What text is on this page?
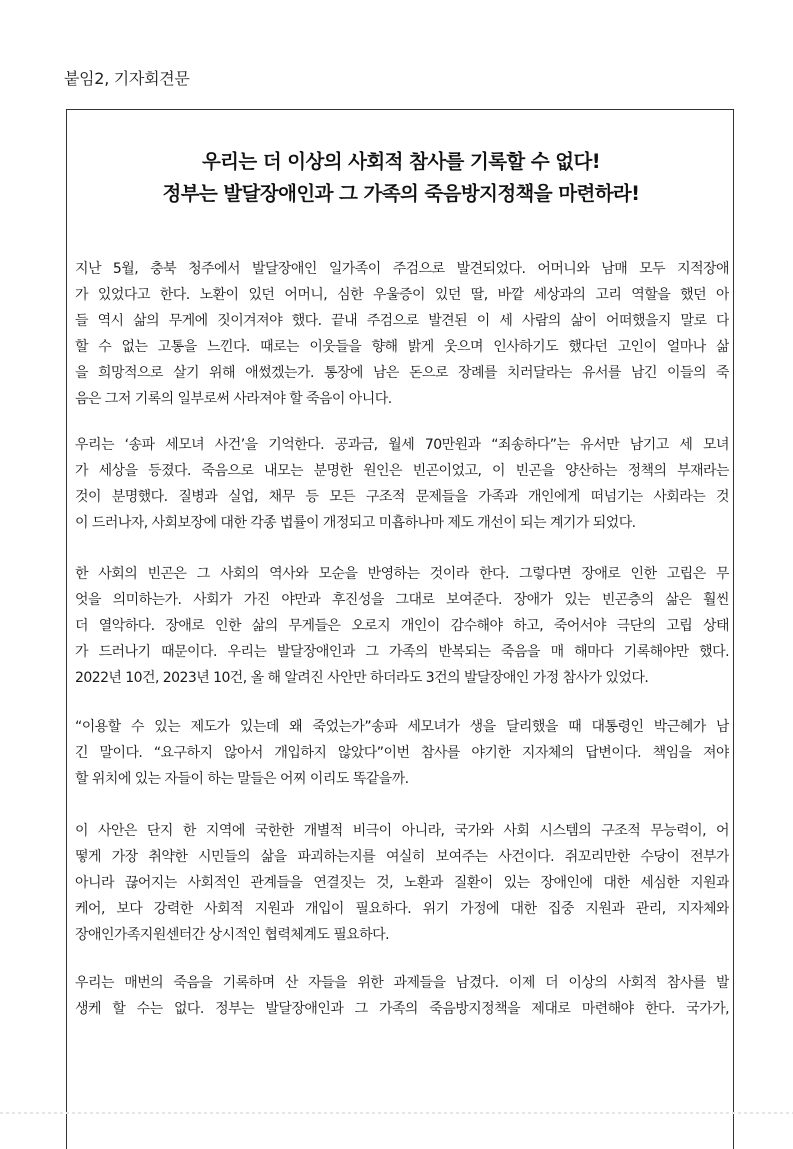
붙임2, 기자회견문
우리는 더 이상의 사회적 참사를 기록할 수 없다!
정부는 발달장애인과 그 가족의 죽음방지정책을 마련하라!
지난 5월, 충북 청주에서 발달장애인 일가족이 주검으로 발견되었다. 어머니와 남매 모두 지적장애
가 있었다고 한다. 노환이 있던 어머니, 심한 우울증이 있던 딸, 바깥 세상과의 고리 역할을 했던 아
들 역시 삶의 무게에 짓이겨져야 했다. 끝내 주검으로 발견된 이 세 사람의 삶이 어떠했을지 말로 다
할 수 없는 고통을 느낀다. 때로는 이웃들을 향해 밝게 웃으며 인사하기도 했다던 고인이 얼마나 삶
을 희망적으로 살기 위해 애썼겠는가. 통장에 남은 돈으로 장례를 치러달라는 유서를 남긴 이들의 죽
음은 그저 기록의 일부로써 사라져야 할 죽음이 아니다.
우리는 ‘송파 세모녀 사건’을 기억한다. 공과금, 월세 70만원과 “죄송하다”는 유서만 남기고 세 모녀
가 세상을 등졌다. 죽음으로 내모는 분명한 원인은 빈곤이었고, 이 빈곤을 양산하는 정책의 부재라는
것이 분명했다. 질병과 실업, 채무 등 모든 구조적 문제들을 가족과 개인에게 떠넘기는 사회라는 것
이 드러나자, 사회보장에 대한 각종 법률이 개정되고 미흡하나마 제도 개선이 되는 계기가 되었다.
한 사회의 빈곤은 그 사회의 역사와 모순을 반영하는 것이라 한다. 그렇다면 장애로 인한 고립은 무
엇을 의미하는가. 사회가 가진 야만과 후진성을 그대로 보여준다. 장애가 있는 빈곤층의 삶은 훨씬
더 열악하다. 장애로 인한 삶의 무게들은 오로지 개인이 감수해야 하고, 죽어서야 극단의 고립 상태
가 드러나기 때문이다. 우리는 발달장애인과 그 가족의 반복되는 죽음을 매 해마다 기록해야만 했다.
2022년 10건, 2023년 10건, 올 해 알려진 사안만 하더라도 3건의 발달장애인 가정 참사가 있었다.
“이용할 수 있는 제도가 있는데 왜 죽었는가”송파 세모녀가 생을 달리했을 때 대통령인 박근혜가 남
긴 말이다. “요구하지 않아서 개입하지 않았다”이번 참사를 야기한 지자체의 답변이다. 책임을 져야
할 위치에 있는 자들이 하는 말들은 어찌 이리도 똑같을까.
이 사안은 단지 한 지역에 국한한 개별적 비극이 아니라, 국가와 사회 시스템의 구조적 무능력이, 어
떻게 가장 취약한 시민들의 삶을 파괴하는지를 여실히 보여주는 사건이다. 쥐꼬리만한 수당이 전부가
아니라 끊어지는 사회적인 관계들을 연결짓는 것, 노환과 질환이 있는 장애인에 대한 세심한 지원과
케어, 보다 강력한 사회적 지원과 개입이 필요하다. 위기 가정에 대한 집중 지원과 관리, 지자체와
장애인가족지원센터간 상시적인 협력체계도 필요하다.
우리는 매번의 죽음을 기록하며 산 자들을 위한 과제들을 남겼다. 이제 더 이상의 사회적 참사를 발
생케 할 수는 없다. 정부는 발달장애인과 그 가족의 죽음방지정책을 제대로 마련해야 한다. 국가가,
